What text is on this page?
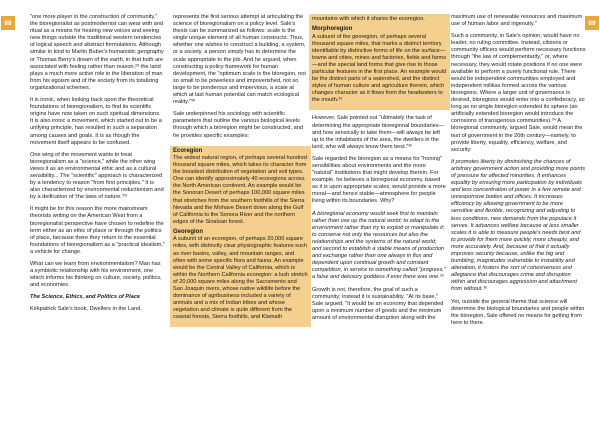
88	89

"one more player in the construction of community," the bioregionalist as postmodernist can wear with and ritual as a means for hearing new voices and seeing new things outside the traditional western tendencies of logical speech and abstract formulations. Although similar in kind to Martin Buber's humanistic geography or Thomas Berry's dream of the earth, in that both are associated with feeling rather than reason,²⁸ the land plays a much more active role in the liberation of man from his egoism and of the society from its totalizing organizational schemes.

It is ironic, when looking back upon the theoretical foundations of bioregionalism, to find its scientific origins have now taken on such spiritual dimensions. It is also ironic a movement, which started out to be a unifying principle, has resulted in such a separation among causes and goals. It is as though the movement itself appears to be confused.

One wing of the movement wants to treat bioregionalism as a "science," while the other wing views it as an environmental ethic and as a cultural sensibility... The "scientific" approach is characterized by a tendency to reason "from first principles." It is also characterized by environmental reductionism and by a deification of 'the laws of nature.'²⁹

It might be for this reason the more mainstream theorists writing on the American West from a bioregionalist perspective have chosen to redefine the term either as an ethic of place or through the politics of place, because there they return to the essential foundations of bioregionalism as a "practical idealism," a vehicle for change.

What can we learn from environmentalism? Man has a symbiotic relationship with his environment, one which informs his thinking on culture, society, politics, and economies.

The Science, Ethics, and Politics of Place

Kirkpatrick Sale's book, Dwellers in the Land,

represents the first serious attempt at articulating the science of bioregionalism on a policy level. Sale's thesis can be summarized as follows: scale is the single unique element of all human constructs. Thus, whether one wishes to construct a building, a system, or a society, a person simply has to determine the scale appropriate to the job. And he argued, when constructing a policy framework for human development, the "optimum scale is the bioregion, not so small to be powerless and impoverished, not so large to be ponderous and impervious, a scale at which at last human potential can match ecological reality."³⁰

Sale underpinned his sociology with scientific parameters that outline the various biological levels through which a bioregion might be constructed, and he provides specific examples:

Ecoregion

The widest natural region, of perhaps several hundred thousand square miles, which takes its character from the broadest distribution of vegetation and soil types. One can identify approximately 40 ecoregions across the North American continent. An example would be the Sonoran Desert of perhaps 100,000 square miles that stretches from the southern foothills of the Sierra Nevada and the Mohave Desert down along the Gulf of California to the Sonora River and the northern edges of the Sinaloan forest.

Georegion

A subunit of an ecoregion, of perhaps 20,000 square miles, with distinctly clear physiographic features such as river basins, valley, and mountain ranges, and often with some specific flora and fauna. An example would be the Central Valley of California, which is within the Northern California ecoregion: a lush stretch of 20,000 square miles along the Sacramento and San Joaquin rivers, whose native wildlife before the dominance of agribusiness included a variety of animals and a mix of Indian tribes and whose vegetation and climate is quite different from the coastal forests, Sierra foothills, and Klamath

mountains with which it shares the ecoregion.

Morphoregion

A subunit of the georegion, of perhaps several thousand square miles, that marks a distinct territory identifiable by distinctive forms of life on the surface—towns and cities, mines and factories, fields and farms—and the special land forms that give rise to those particular features in the first place. An example would be the distinct parts of a watershed, and the distinct styles of human culture and agriculture therein, which changes character as it flows from the headwaters to the mouth.³¹

However, Sale pointed out "ultimately the task of determining the appropriate bioregional boundaries—and how sensically to take them—will always be left up to the inhabitants of the area, the dwellers in the land, who will always know them best."³²

Sale regarded the bioregion as a means for "honing" sensibilities about environments and the more "natural" institutions that might develop therein. For example, he believes a bioregional economy, based as it is upon appropriate scales, would provide a more moral—and hence stable—atmosphere for people living within its boundaries. Why?

A bioregional economy would seek first to maintain rather than use up the natural world; to adapt to the environment rather than try to exploit or manipulate it; to conserve not only the resources but also the relationships and the systems of the natural world; and second to establish a stable means of production and exchange rather than one always in flux and dependent upon continual growth and constant competition, in service to something called "progress," a false and delusory goddess if ever there was one.³³

Growth is not, therefore, the goal of such a community; instead it is sustainability. "At its base," Sale argued, "it would be an economy that depended upon a minimum number of goods and the minimum amount of environmental disruption along with the

maximum use of renewable resources and maximum use of human labor and ingenuity."

Such a community, in Sale's opinion, would have no leader, no ruling committee. Instead, citizens or community officers would perform necessary functions through "the law of complementarity," or, where necessary, they would rotate positions if no one were available to perform a purely functional rule. There would be independent communities employed and independent militias formed across the various bioregions. Where a larger unit of governance is desired, bioregions would enter into a confederacy, so long as no single bioregion extended its sphere (an artificially extended bioregion would introduce the corrosions of transgenous communities).³⁴ A bioregional community, argued Sale, would mean the test of government in the 20th century—namely, to provide liberty, equality, efficiency, welfare, and security:

It promotes liberty by diminishing the chances of arbitrary government action and providing more points of pressure for affected minorities. It enhances equality by ensuring more participation by individuals and less concentration of power in a few remote and unresponsive bodies and offices. It increases efficiency by allowing government to be more sensitive and flexible, recognizing and adjusting to less conditions, new demands from the populace it serves. It advances welfare because at less smaller scales it is able to measure people's needs best and to provide for them more quickly, more cheaply, and more accurately. And, because of that it actually improves security because, unlike the big and bumbling, magnitudes vulnerable to instability and alienation, it fosters the sort of cohesiveness and allegiance that discourages crime and disruption within and discourages aggression and attachment from without.³⁵

Yet, outside the general theme that science will determine the biological boundaries and people within the bioregion, Sale offered no means for getting from here to there.
